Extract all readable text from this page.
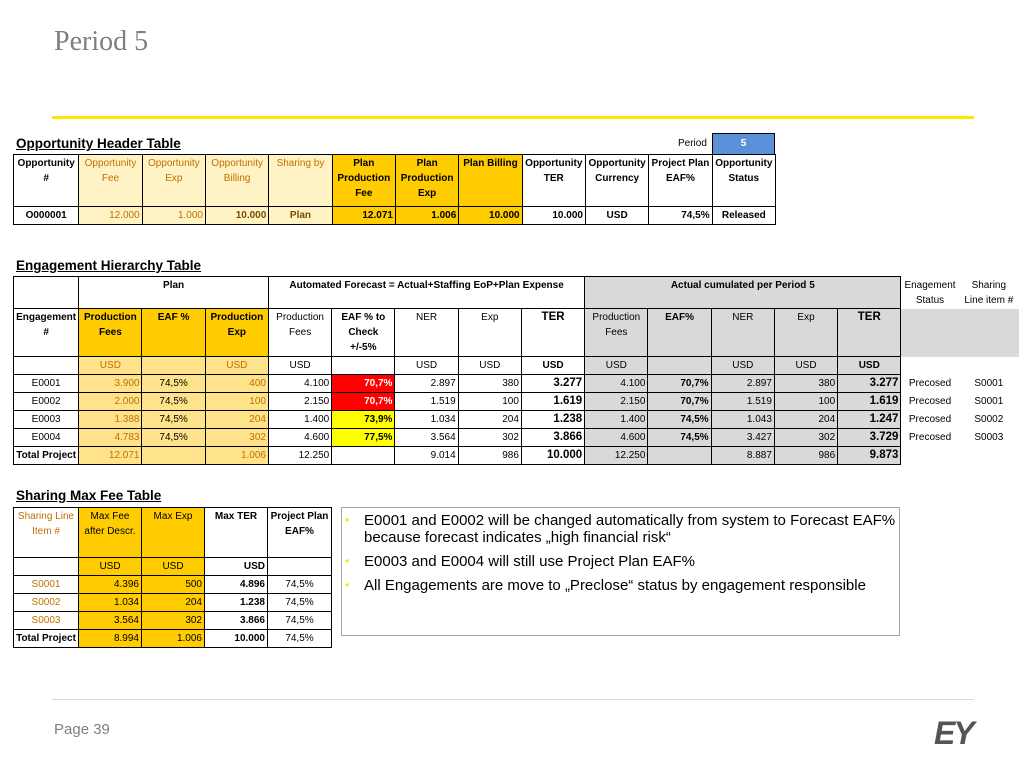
Period 5
Opportunity Header Table	Period	5
Opportunity #	Opportunity Fee	Opportunity Exp	Opportunity Billing	Sharing by	Plan Production Fee	Plan Production Exp	Plan Billing	Opportunity TER	Opportunity Currency	Project Plan EAF%	Opportunity Status
O000001	12.000	1.000	10.000	Plan	12.071	1.006	10.000	10.000	USD	74,5%	Released
Engagement Hierarchy Table
	Plan			Automated Forecast = Actual+Staffing EoP+Plan Expense					Actual cumulated per Period 5					Enagement Status	Sharing Line item #
Engagement #	Production Fees	EAF %	Production Exp	Production Fees	EAF % to Check +/-5%	NER	Exp	TER	Production Fees	EAF%	NER	Exp	TER		
	USD		USD	USD		USD	USD	USD	USD		USD	USD	USD		
E0001	3.900	74,5%	400	4.100	70,7%	2.897	380	3.277	4.100	70,7%	2.897	380	3.277	Precosed	S0001
E0002	2.000	74,5%	100	2.150	70,7%	1.519	100	1.619	2.150	70,7%	1.519	100	1.619	Precosed	S0001
E0003	1.388	74,5%	204	1.400	73,9%	1.034	204	1.238	1.400	74,5%	1.043	204	1.247	Precosed	S0002
E0004	4.783	74,5%	302	4.600	77,5%	3.564	302	3.866	4.600	74,5%	3.427	302	3.729	Precosed	S0003
Total Project	12.071		1.006	12.250		9.014	986	10.000	12.250		8.887	986	9.873		
Sharing Max Fee Table
Sharing Line Item #	Max Fee after Descr.	Max Exp	Max TER	Project Plan EAF%
	USD	USD	USD	
S0001	4.396	500	4.896	74,5%
S0002	1.034	204	1.238	74,5%
S0003	3.564	302	3.866	74,5%
Total Project	8.994	1.006	10.000	74,5%
• E0001 and E0002 will be changed automatically from system to Forecast EAF% because forecast indicates „high financial risk“
• E0003 and E0004 will still use Project Plan EAF%
• All Engagements are move to „Preclose“ status by engagement responsible
Page 39	EY
